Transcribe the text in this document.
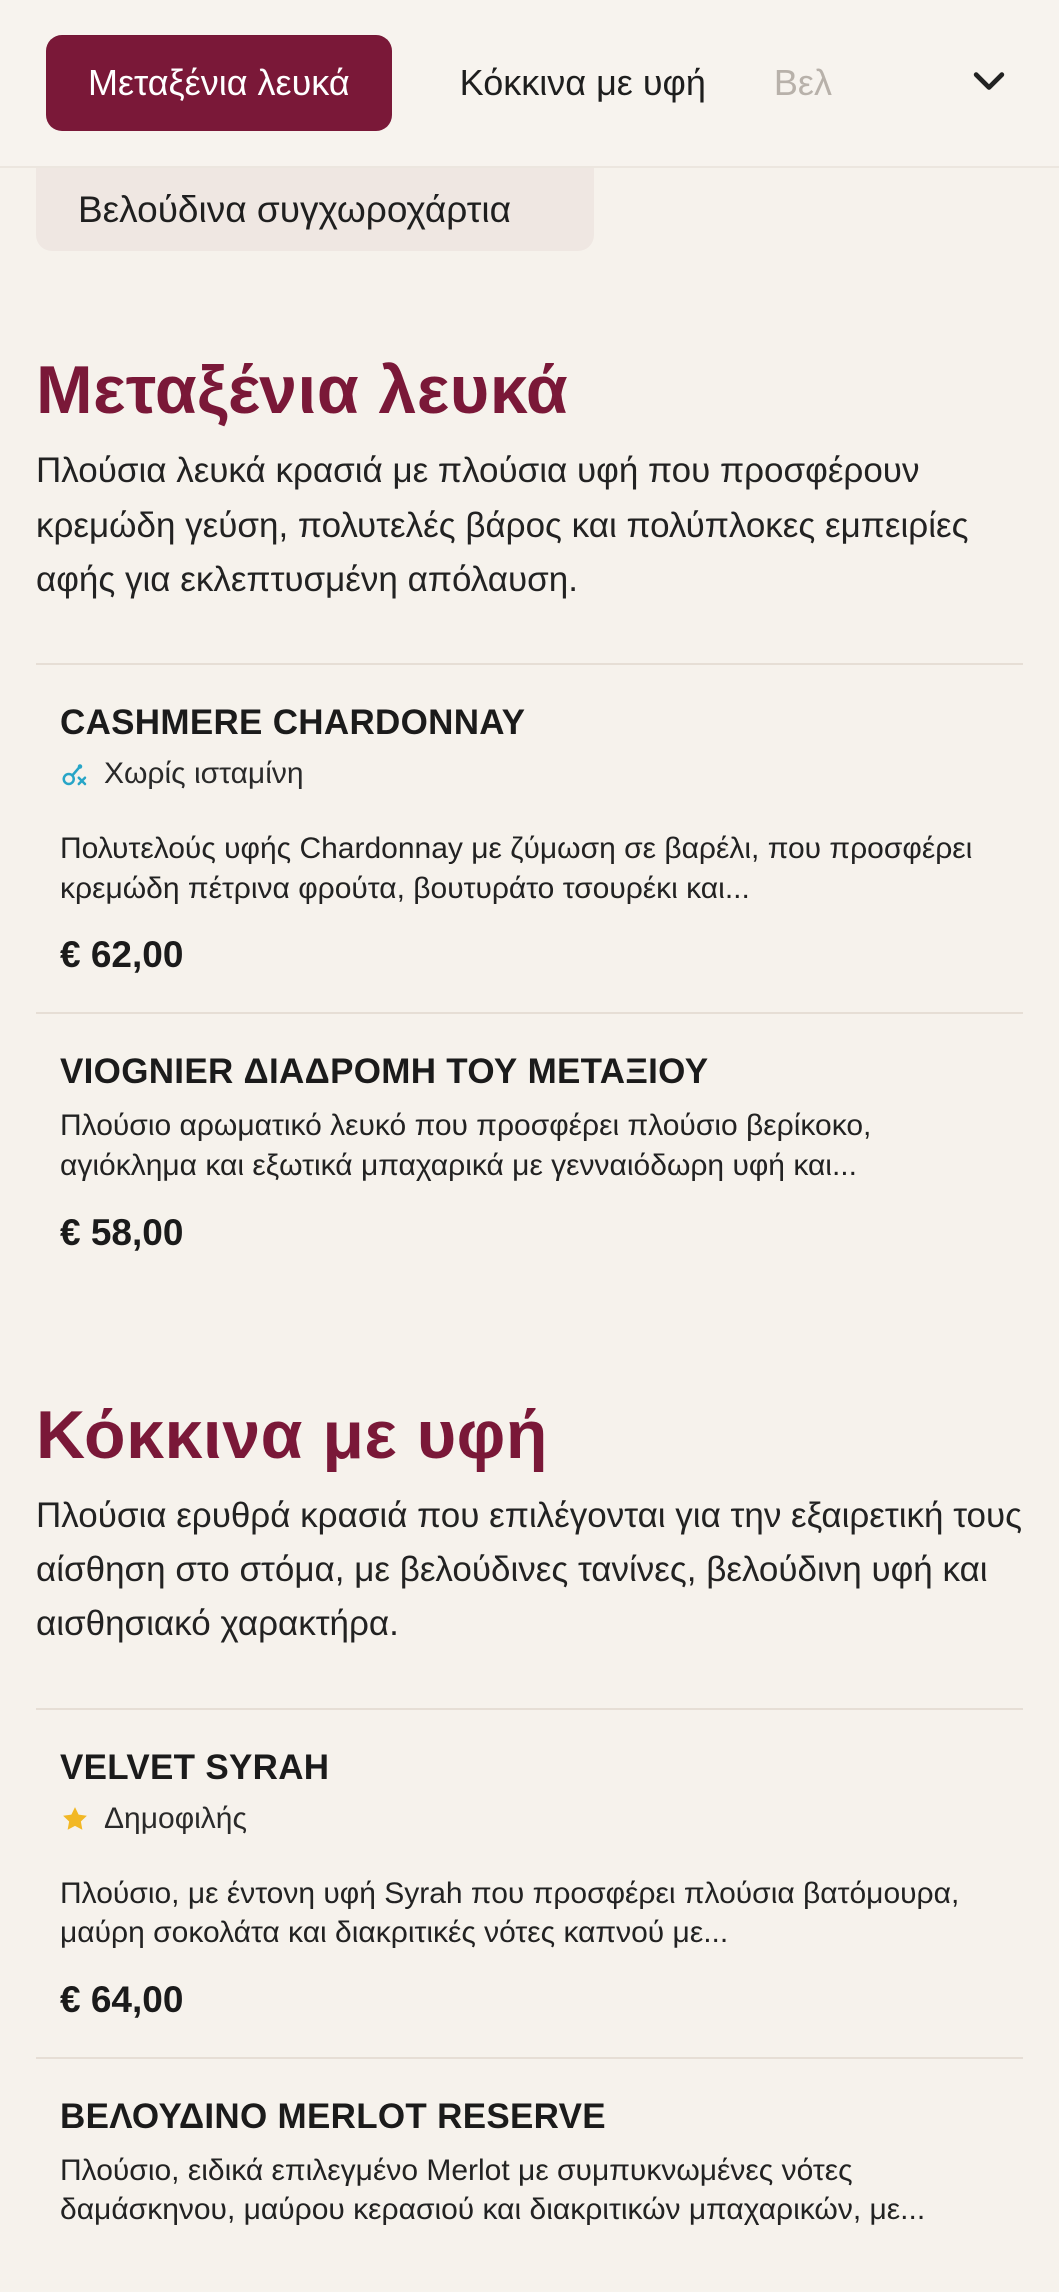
Μεταξένια λευκά	Κόκκινα με υφή Βελ
Βελούδινα συγχωροχάρτια
Μεταξένια λευκά

Πλούσια λευκά κρασιά με πλούσια υφή που προσφέρουν κρεμώδη γεύση, πολυτελές βάρος και πολύπλοκες εμπειρίες αφής για εκλεπτυσμένη απόλαυση.

CASHMERE CHARDONNAY
Χωρίς ισταμίνη

Πολυτελούς υφής Chardonnay με ζύμωση σε βαρέλι, που προσφέρει κρεμώδη πέτρινα φρούτα, βουτυράτο τσουρέκι και...

€ 62,00

VIOGNIER ΔΙΑΔΡΟΜΗ ΤΟΥ ΜΕΤΑΞΙΟΥ

Πλούσιο αρωματικό λευκό που προσφέρει πλούσιο βερίκοκο, αγιόκλημα και εξωτικά μπαχαρικά με γενναιόδωρη υφή και...

€ 58,00

Κόκκινα με υφή

Πλούσια ερυθρά κρασιά που επιλέγονται για την εξαιρετική τους αίσθηση στο στόμα, με βελούδινες τανίνες, βελούδινη υφή και αισθησιακό χαρακτήρα.

VELVET SYRAH
Δημοφιλής

Πλούσιο, με έντονη υφή Syrah που προσφέρει πλούσια βατόμουρα, μαύρη σοκολάτα και διακριτικές νότες καπνού με...

€ 64,00

ΒΕΛΟΥΔΙΝΟ MERLOT RESERVE

Πλούσιο, ειδικά επιλεγμένο Merlot με συμπυκνωμένες νότες δαμάσκηνου, μαύρου κερασιού και διακριτικών μπαχαρικών, με...
